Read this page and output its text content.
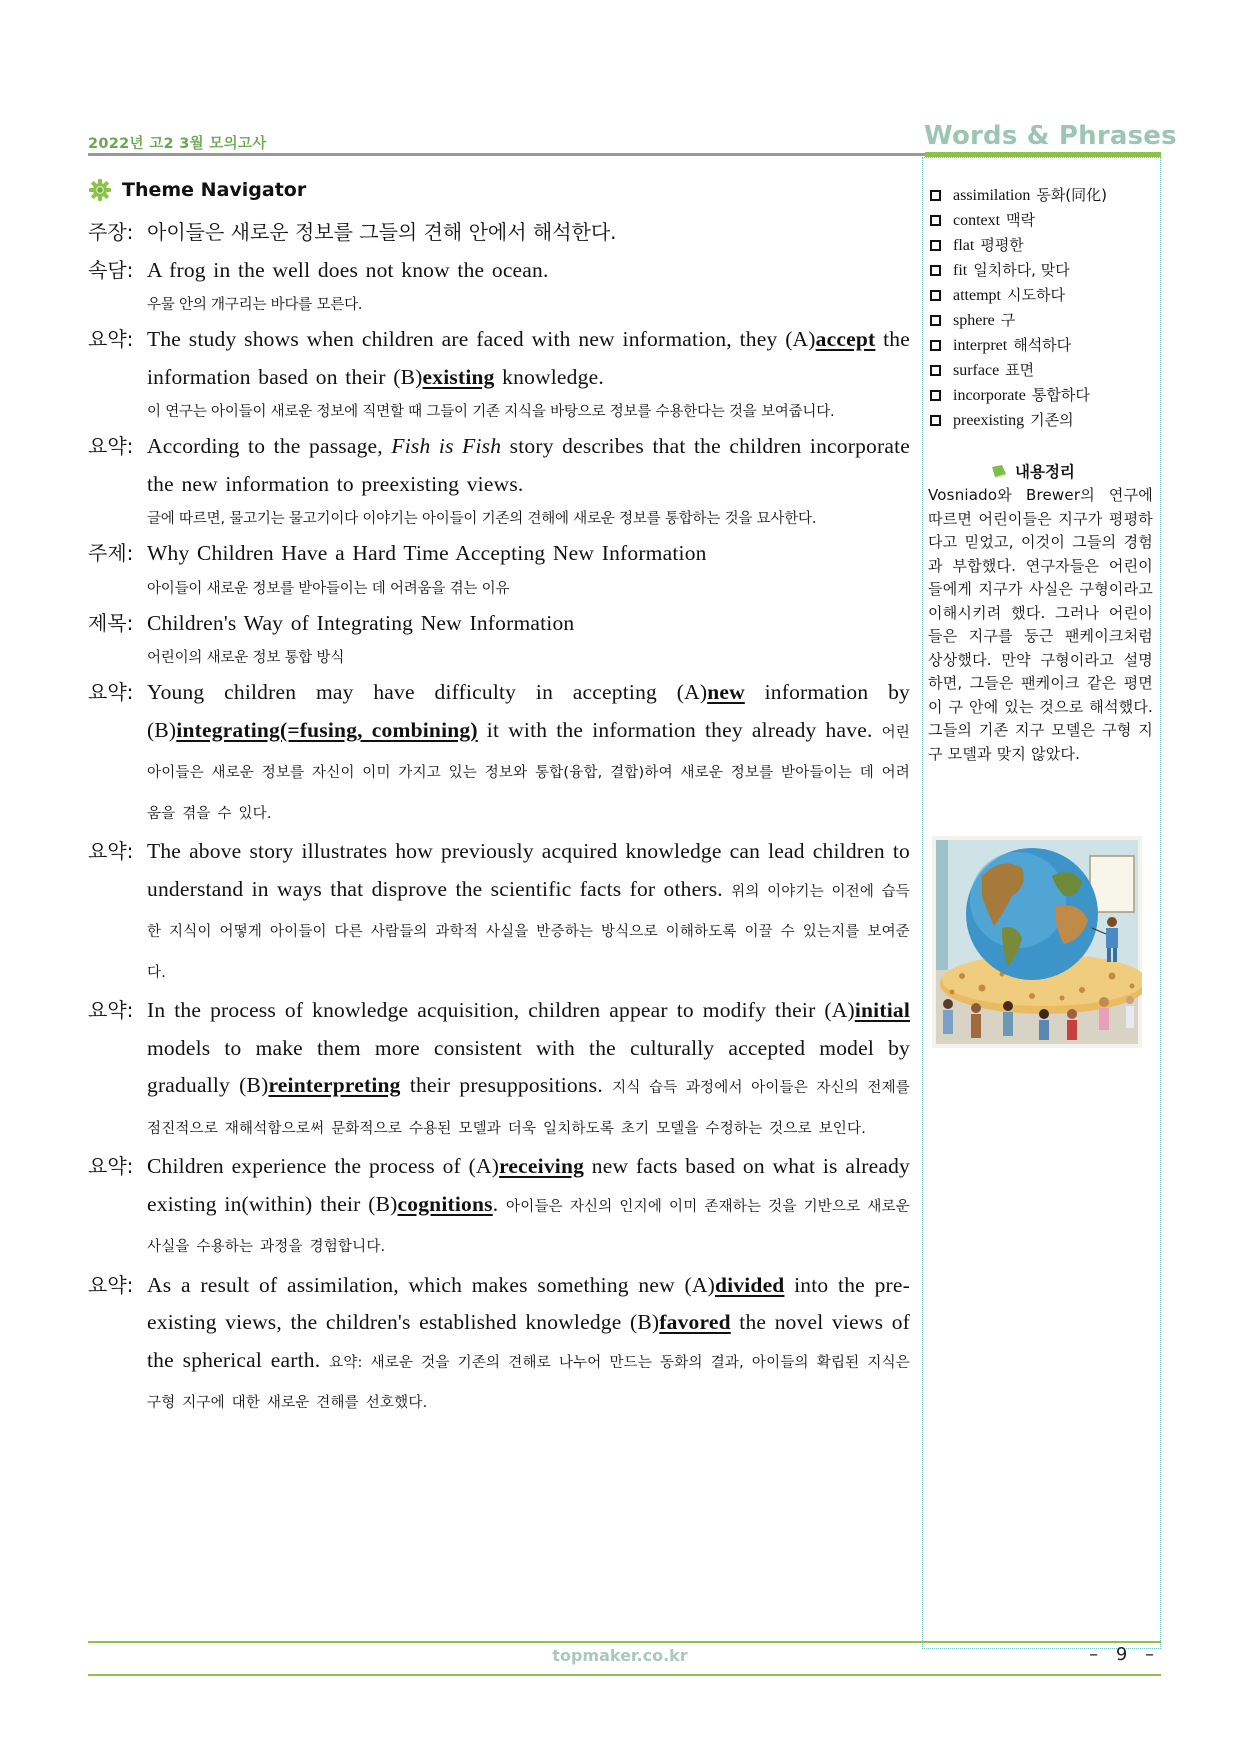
2022년 고2 3월 모의고사	Words & Phrases
Theme Navigator
주장: 아이들은 새로운 정보를 그들의 견해 안에서 해석한다.
속담: A frog in the well does not know the ocean.
우물 안의 개구리는 바다를 모른다.
요약: The study shows when children are faced with new information, they (A)accept the information based on their (B)existing knowledge.
이 연구는 아이들이 새로운 정보에 직면할 때 그들이 기존 지식을 바탕으로 정보를 수용한다는 것을 보여줍니다.
요약: According to the passage, Fish is Fish story describes that the children incorporate the new information to preexisting views.
글에 따르면, 물고기는 물고기이다 이야기는 아이들이 기존의 견해에 새로운 정보를 통합하는 것을 묘사한다.
주제: Why Children Have a Hard Time Accepting New Information
아이들이 새로운 정보를 받아들이는 데 어려움을 겪는 이유
제목: Children's Way of Integrating New Information
어린이의 새로운 정보 통합 방식
요약: Young children may have difficulty in accepting (A)new information by (B)integrating(=fusing, combining) it with the information they already have. 어린 아이들은 새로운 정보를 자신이 이미 가지고 있는 정보와 통합(융합, 결합)하여 새로운 정보를 받아들이는 데 어려움을 겪을 수 있다.
요약: The above story illustrates how previously acquired knowledge can lead children to understand in ways that disprove the scientific facts for others. 위의 이야기는 이전에 습득한 지식이 어떻게 아이들이 다른 사람들의 과학적 사실을 반증하는 방식으로 이해하도록 이끌 수 있는지를 보여준다.
요약: In the process of knowledge acquisition, children appear to modify their (A)initial models to make them more consistent with the culturally accepted model by gradually (B)reinterpreting their presuppositions. 지식 습득 과정에서 아이들은 자신의 전제를 점진적으로 재해석함으로써 문화적으로 수용된 모델과 더욱 일치하도록 초기 모델을 수정하는 것으로 보인다.
요약: Children experience the process of (A)receiving new facts based on what is already existing in(within) their (B)cognitions. 아이들은 자신의 인지에 이미 존재하는 것을 기반으로 새로운 사실을 수용하는 과정을 경험합니다.
요약: As a result of assimilation, which makes something new (A)divided into the pre-existing views, the children's established knowledge (B)favored the novel views of the spherical earth. 요약: 새로운 것을 기존의 견해로 나누어 만드는 동화의 결과, 아이들의 확립된 지식은 구형 지구에 대한 새로운 견해를 선호했다.
assimilation 동화(同化)
context 맥락
flat 평평한
fit 일치하다, 맞다
attempt 시도하다
sphere 구
interpret 해석하다
surface 표면
incorporate 통합하다
preexisting 기존의
내용정리
Vosniado와 Brewer의 연구에 따르면 어린이들은 지구가 평평하다고 믿었고, 이것이 그들의 경험과 부합했다. 연구자들은 어린이들에게 지구가 사실은 구형이라고 이해시키려 했다. 그러나 어린이들은 지구를 둥근 팬케이크처럼 상상했다. 만약 구형이라고 설명하면, 그들은 팬케이크 같은 평면이 구 안에 있는 것으로 해석했다. 그들의 기존 지구 모델은 구형 지구 모델과 맞지 않았다.
topmaker.co.kr	– 9 –
